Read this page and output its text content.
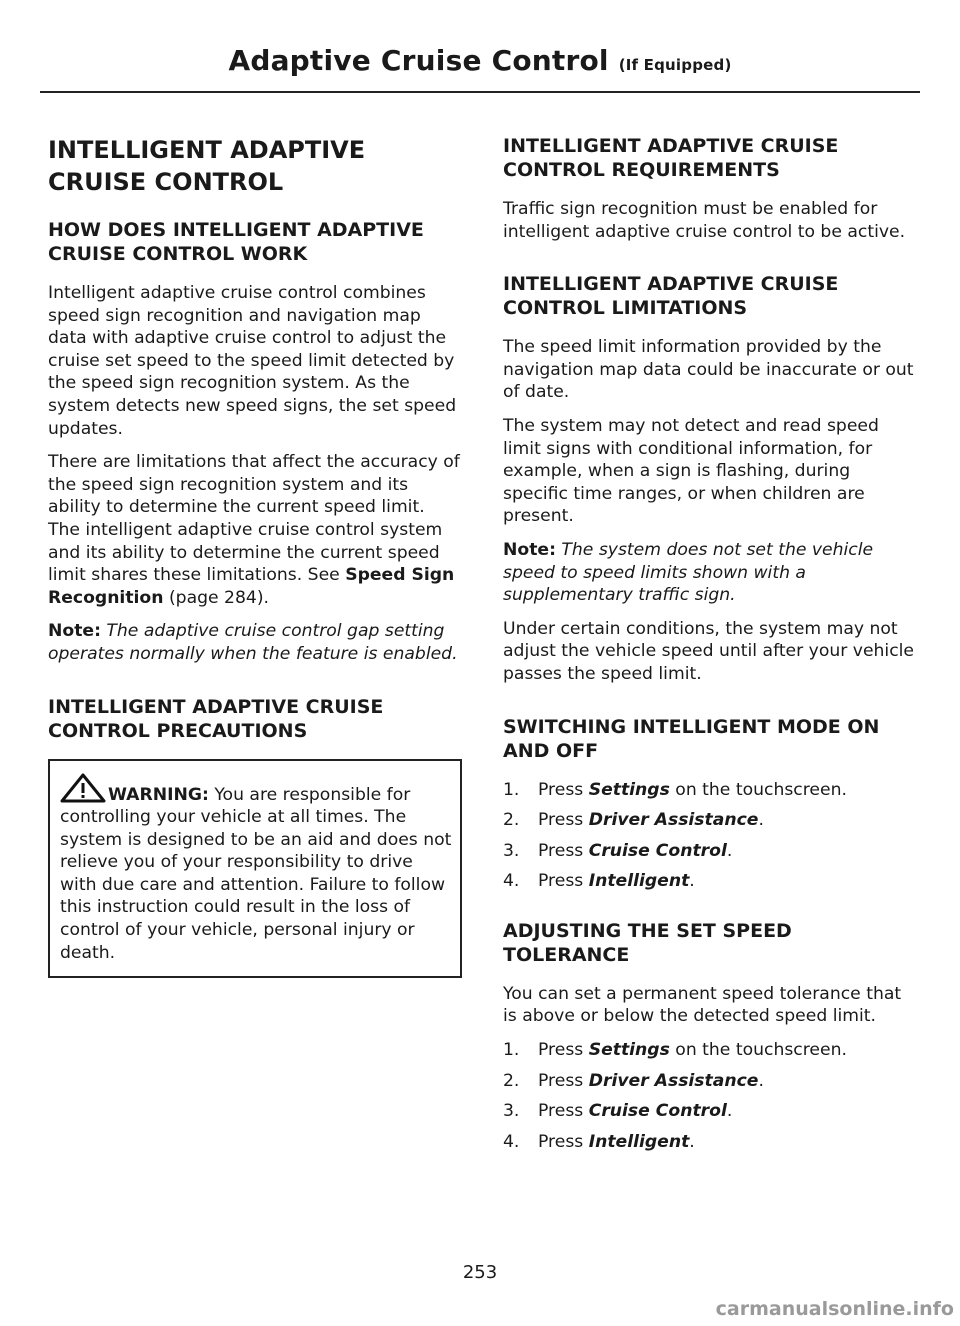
Adaptive Cruise Control (If Equipped)
INTELLIGENT ADAPTIVE
CRUISE CONTROL
HOW DOES INTELLIGENT ADAPTIVE CRUISE CONTROL WORK

Intelligent adaptive cruise control combines speed sign recognition and navigation map data with adaptive cruise control to adjust the cruise set speed to the speed limit detected by the speed sign recognition system. As the system detects new speed signs, the set speed updates.

There are limitations that affect the accuracy of the speed sign recognition system and its ability to determine the current speed limit. The intelligent adaptive cruise control system and its ability to determine the current speed limit shares these limitations. See Speed Sign Recognition (page 284).

Note: The adaptive cruise control gap setting operates normally when the feature is enabled.

INTELLIGENT ADAPTIVE CRUISE CONTROL PRECAUTIONS
WARNING: You are responsible for controlling your vehicle at all times. The system is designed to be an aid and does not relieve you of your responsibility to drive with due care and attention. Failure to follow this instruction could result in the loss of control of your vehicle, personal injury or death.
INTELLIGENT ADAPTIVE CRUISE CONTROL REQUIREMENTS

Traffic sign recognition must be enabled for intelligent adaptive cruise control to be active.

INTELLIGENT ADAPTIVE CRUISE CONTROL LIMITATIONS

The speed limit information provided by the navigation map data could be inaccurate or out of date.

The system may not detect and read speed limit signs with conditional information, for example, when a sign is flashing, during specific time ranges, or when children are present.

Note: The system does not set the vehicle speed to speed limits shown with a supplementary traffic sign.

Under certain conditions, the system may not adjust the vehicle speed until after your vehicle passes the speed limit.

SWITCHING INTELLIGENT MODE ON AND OFF
1.	Press Settings on the touchscreen.
2.	Press Driver Assistance.
3.	Press Cruise Control.
4.	Press Intelligent.
ADJUSTING THE SET SPEED TOLERANCE

You can set a permanent speed tolerance that is above or below the detected speed limit.

1.	Press Settings on the touchscreen.
2.	Press Driver Assistance.
3.	Press Cruise Control.
4.	Press Intelligent.
253
carmanualsonline.info
